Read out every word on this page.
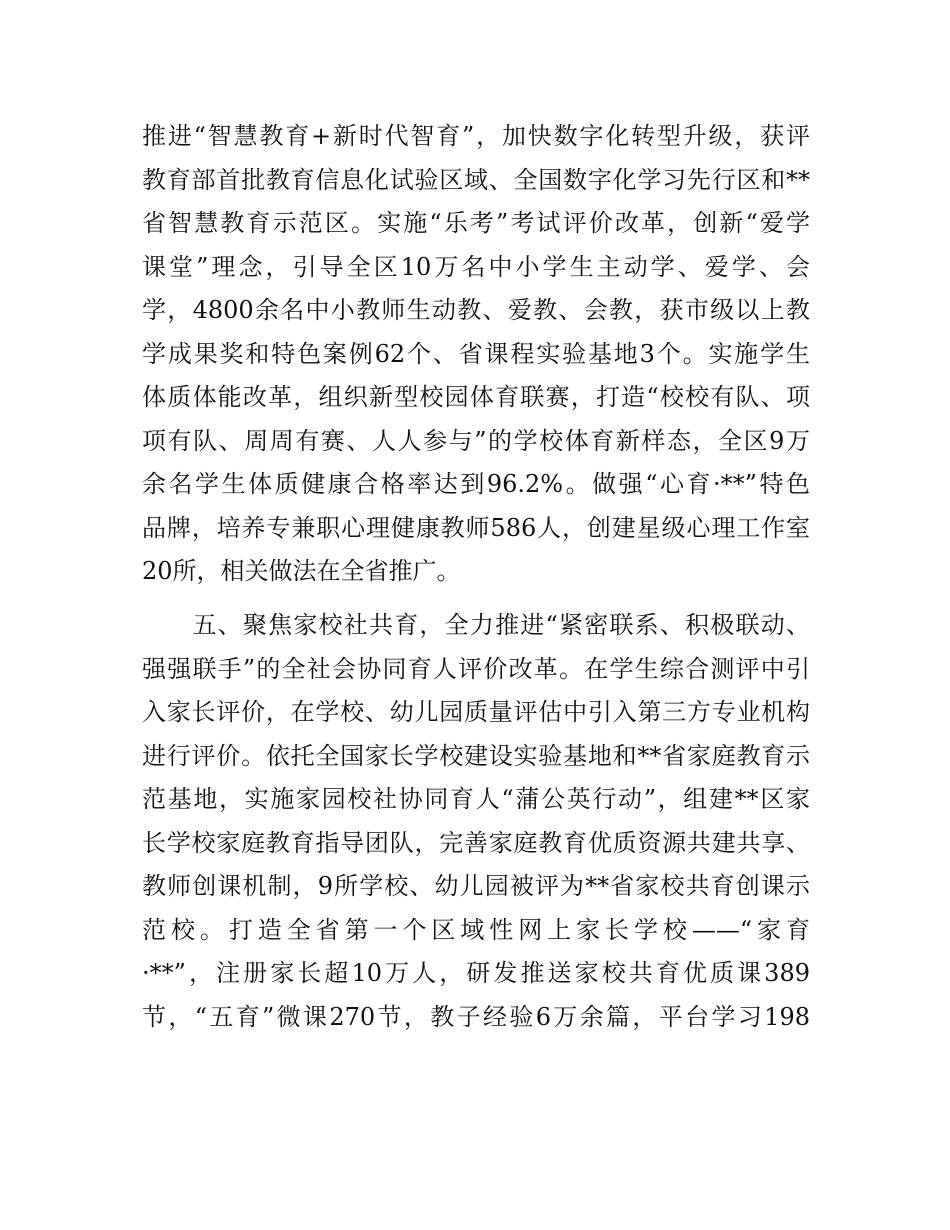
推进“智慧教育+新时代智育”，加快数字化转型升级，获评
教育部首批教育信息化试验区域、全国数字化学习先行区和**
省智慧教育示范区。实施“乐考”考试评价改革，创新“爱学
课堂”理念，引导全区10万名中小学生主动学、爱学、会
学，4800余名中小教师生动教、爱教、会教，获市级以上教
学成果奖和特色案例62个、省课程实验基地3个。实施学生
体质体能改革，组织新型校园体育联赛，打造“校校有队、项
项有队、周周有赛、人人参与”的学校体育新样态，全区9万
余名学生体质健康合格率达到96.2%。做强“心育·**”特色
品牌，培养专兼职心理健康教师586人，创建星级心理工作室
20所，相关做法在全省推广。

　　五、聚焦家校社共育，全力推进“紧密联系、积极联动、
强强联手”的全社会协同育人评价改革。在学生综合测评中引
入家长评价，在学校、幼儿园质量评估中引入第三方专业机构
进行评价。依托全国家长学校建设实验基地和**省家庭教育示
范基地，实施家园校社协同育人“蒲公英行动”，组建**区家
长学校家庭教育指导团队，完善家庭教育优质资源共建共享、
教师创课机制，9所学校、幼儿园被评为**省家校共育创课示
范校。打造全省第一个区域性网上家长学校——“家育
·**”，注册家长超10万人，研发推送家校共育优质课389
节，“五育”微课270节，教子经验6万余篇，平台学习198
